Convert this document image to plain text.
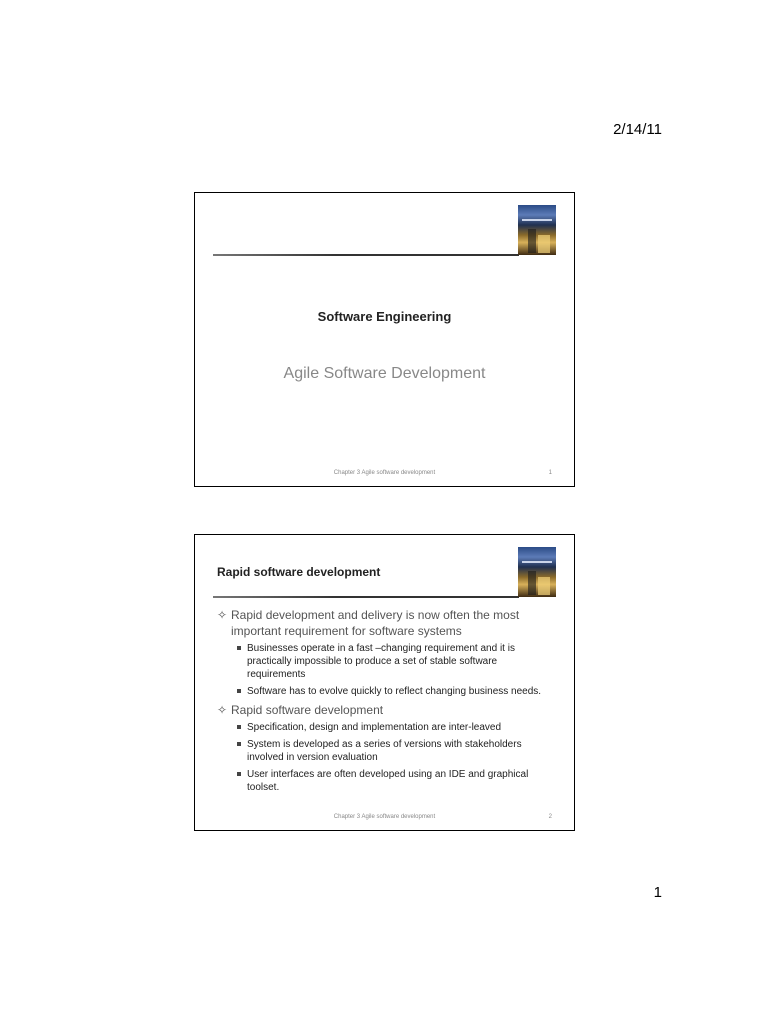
2/14/11
Software Engineering
Agile Software Development
Chapter 3 Agile software development	1
Rapid software development
✧ Rapid development and delivery is now often the most important requirement for software systems
Businesses operate in a fast –changing requirement and it is practically impossible to produce a set of stable software requirements
Software has to evolve quickly to reflect changing business needs.
✧ Rapid software development
Specification, design and implementation are inter-leaved
System is developed as a series of versions with stakeholders involved in version evaluation
User interfaces are often developed using an IDE and graphical toolset.
Chapter 3 Agile software development	2
1
